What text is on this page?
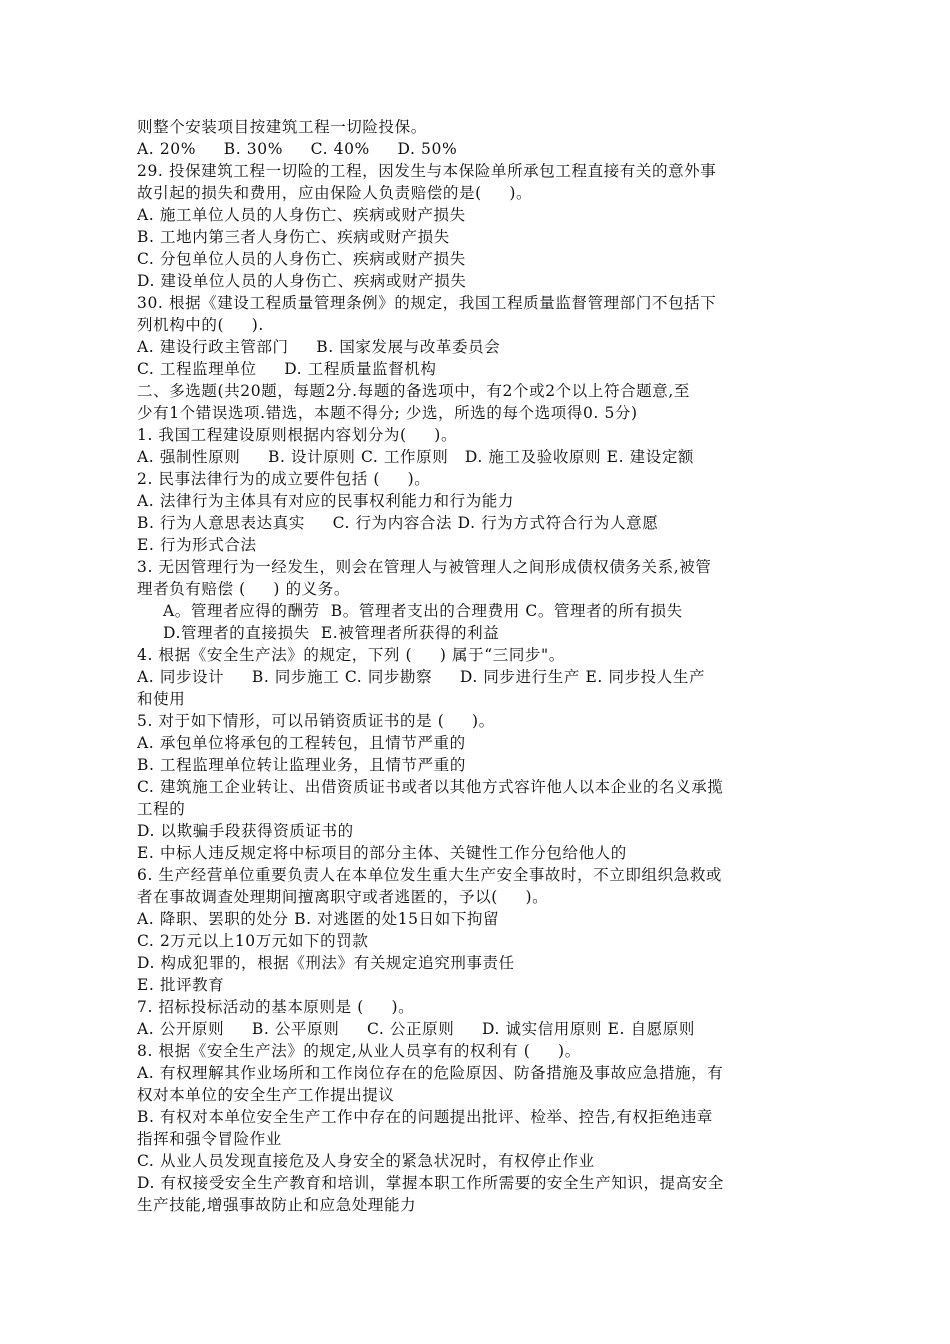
则整个安装项目按建筑工程一切险投保。
A. 20%     B. 30%     C. 40%     D. 50%
29. 投保建筑工程一切险的工程，因发生与本保险单所承包工程直接有关的意外事
故引起的损失和费用，应由保险人负责赔偿的是(     )。
A. 施工单位人员的人身伤亡、疾病或财产损失
B. 工地内第三者人身伤亡、疾病或财产损失
C. 分包单位人员的人身伤亡、疾病或财产损失
D. 建设单位人员的人身伤亡、疾病或财产损失
30. 根据《建设工程质量管理条例》的规定，我国工程质量监督管理部门不包括下
列机构中的(     ).
A. 建设行政主管部门     B. 国家发展与改革委员会
C. 工程监理单位     D. 工程质量监督机构
二、多选题(共20题，每题2分.每题的备选项中，有2个或2个以上符合题意,至
少有1个错误选项.错选，本题不得分; 少选，所选的每个选项得0. 5分)
1. 我国工程建设原则根据内容划分为(     )。
A. 强制性原则     B. 设计原则 C. 工作原则   D. 施工及验收原则 E. 建设定额
2. 民事法律行为的成立要件包括 (     )。
A. 法律行为主体具有对应的民事权利能力和行为能力
B. 行为人意思表达真实     C. 行为内容合法 D. 行为方式符合行为人意愿
E. 行为形式合法
3. 无因管理行为一经发生，则会在管理人与被管理人之间形成债权债务关系,被管
理者负有赔偿 (     ) 的义务。
A。管理者应得的酬劳  B。管理者支出的合理费用 C。管理者的所有损失
D.管理者的直接损失  E.被管理者所获得的利益
4. 根据《安全生产法》的规定，下列 (     ) 属于“三同步"。
A. 同步设计     B. 同步施工 C. 同步勘察     D. 同步进行生产 E. 同步投人生产
和使用
5. 对于如下情形，可以吊销资质证书的是 (     )。
A. 承包单位将承包的工程转包，且情节严重的
B. 工程监理单位转让监理业务，且情节严重的
C. 建筑施工企业转让、出借资质证书或者以其他方式容许他人以本企业的名义承揽
工程的
D. 以欺骗手段获得资质证书的
E. 中标人违反规定将中标项目的部分主体、关键性工作分包给他人的
6. 生产经营单位重要负责人在本单位发生重大生产安全事故时，不立即组织急救或
者在事故调查处理期间擅离职守或者逃匿的，予以(     )。
A. 降职、罢职的处分 B. 对逃匿的处15日如下拘留
C. 2万元以上10万元如下的罚款
D. 构成犯罪的，根据《刑法》有关规定追究刑事责任
E. 批评教育
7. 招标投标活动的基本原则是 (     )。
A. 公开原则     B. 公平原则     C. 公正原则     D. 诚实信用原则 E. 自愿原则
8. 根据《安全生产法》的规定,从业人员享有的权利有 (     )。
A. 有权理解其作业场所和工作岗位存在的危险原因、防备措施及事故应急措施，有
权对本单位的安全生产工作提出提议
B. 有权对本单位安全生产工作中存在的问题提出批评、检举、控告,有权拒绝违章
指挥和强令冒险作业
C. 从业人员发现直接危及人身安全的紧急状况时，有权停止作业
D. 有权接受安全生产教育和培训，掌握本职工作所需要的安全生产知识，提高安全
生产技能,增强事故防止和应急处理能力
